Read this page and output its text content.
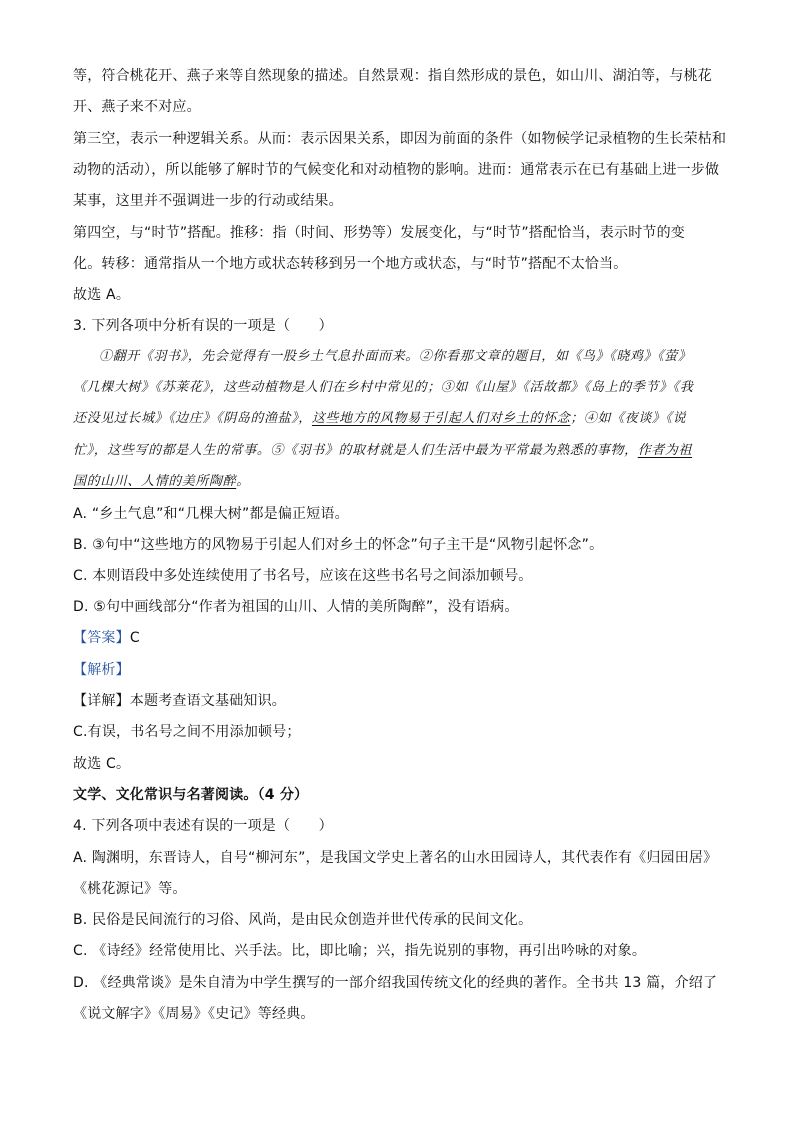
等，符合桃花开、燕子来等自然现象的描述。自然景观：指自然形成的景色，如山川、湖泊等，与桃花
开、燕子来不对应。
第三空，表示一种逻辑关系。从而：表示因果关系，即因为前面的条件（如物候学记录植物的生长荣枯和
动物的活动），所以能够了解时节的气候变化和对动植物的影响。进而：通常表示在已有基础上进一步做
某事，这里并不强调进一步的行动或结果。
第四空，与“时节”搭配。推移：指（时间、形势等）发展变化，与“时节”搭配恰当，表示时节的变
化。转移：通常指从一个地方或状态转移到另一个地方或状态，与“时节”搭配不太恰当。
故选 A。
3. 下列各项中分析有误的一项是（　　）
①翻开《羽书》，先会觉得有一股乡土气息扑面而来。②你看那文章的题目，如《鸟》《晓鸡》《萤》
《几棵大树》《苏莱花》，这些动植物是人们在乡村中常见的；③如《山屋》《活故都》《岛上的季节》《我
还没见过长城》《边庄》《阴岛的渔盐》，这些地方的风物易于引起人们对乡土的怀念；④如《夜谈》《说
忙》，这些写的都是人生的常事。⑤《羽书》的取材就是人们生活中最为平常最为熟悉的事物，作者为祖
国的山川、人情的美所陶醉。
A. “乡土气息”和“几棵大树”都是偏正短语。
B. ③句中“这些地方的风物易于引起人们对乡土的怀念”句子主干是“风物引起怀念”。
C. 本则语段中多处连续使用了书名号，应该在这些书名号之间添加顿号。
D. ⑤句中画线部分“作者为祖国的山川、人情的美所陶醉”，没有语病。
【答案】C
【解析】
【详解】本题考查语文基础知识。
C.有误，书名号之间不用添加顿号；
故选 C。
文学、文化常识与名著阅读。（4 分）
4. 下列各项中表述有误的一项是（　　）
A. 陶渊明，东晋诗人，自号“柳河东”，是我国文学史上著名的山水田园诗人，其代表作有《归园田居》
《桃花源记》等。
B. 民俗是民间流行的习俗、风尚，是由民众创造并世代传承的民间文化。
C. 《诗经》经常使用比、兴手法。比，即比喻；兴，指先说别的事物，再引出吟咏的对象。
D. 《经典常谈》是朱自清为中学生撰写的一部介绍我国传统文化的经典的著作。全书共 13 篇，介绍了
《说文解字》《周易》《史记》等经典。
